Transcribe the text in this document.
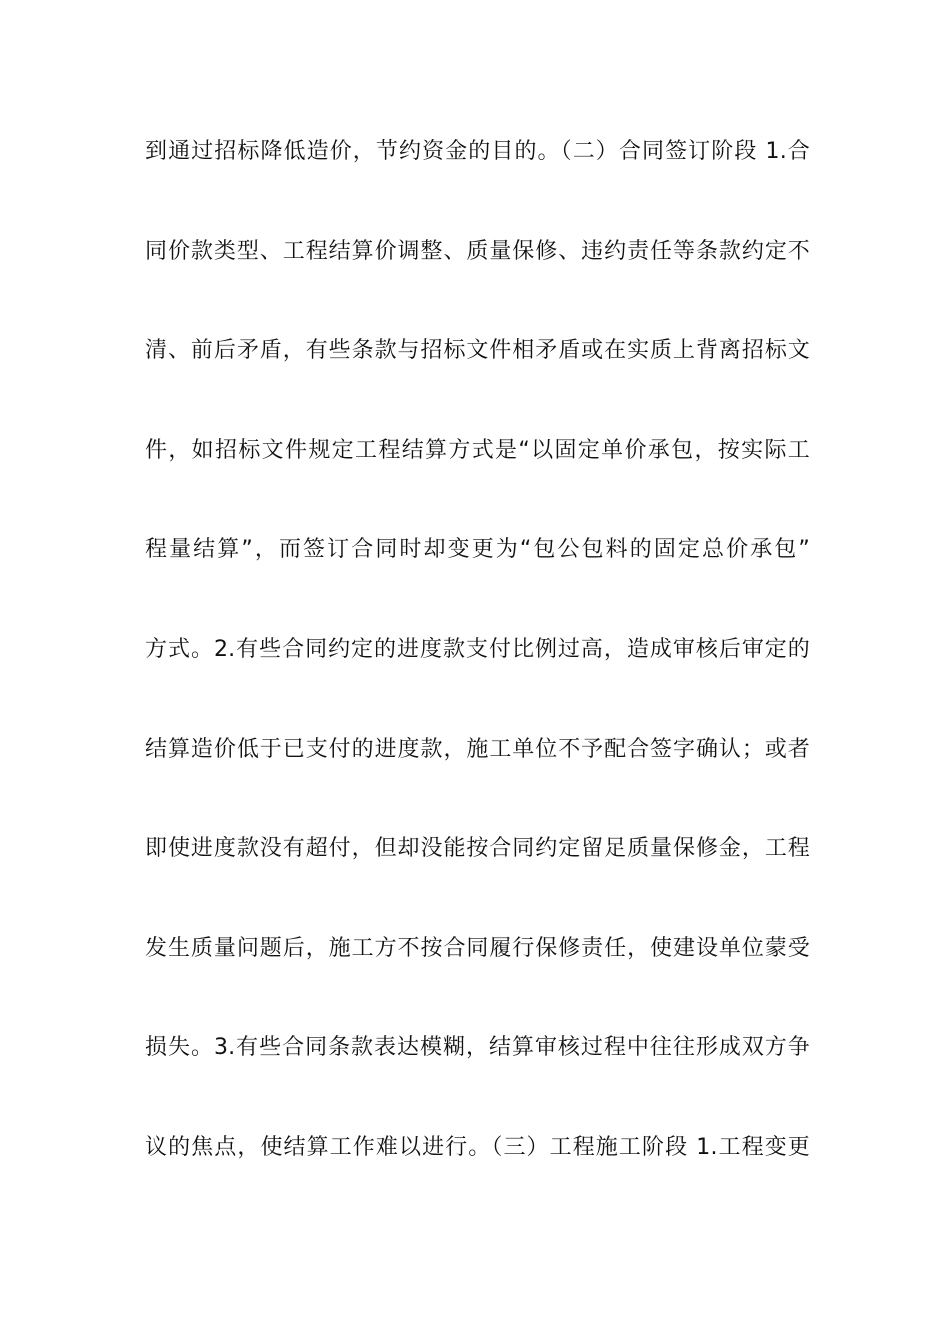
到通过招标降低造价，节约资金的目的。（二）合同签订阶段 1.合
同价款类型、工程结算价调整、质量保修、违约责任等条款约定不
清、前后矛盾，有些条款与招标文件相矛盾或在实质上背离招标文
件，如招标文件规定工程结算方式是“以固定单价承包，按实际工
程量结算”，而签订合同时却变更为“包公包料的固定总价承包”
方式。2.有些合同约定的进度款支付比例过高，造成审核后审定的
结算造价低于已支付的进度款，施工单位不予配合签字确认；或者
即使进度款没有超付，但却没能按合同约定留足质量保修金，工程
发生质量问题后，施工方不按合同履行保修责任，使建设单位蒙受
损失。3.有些合同条款表达模糊，结算审核过程中往往形成双方争
议的焦点，使结算工作难以进行。（三）工程施工阶段 1.工程变更
